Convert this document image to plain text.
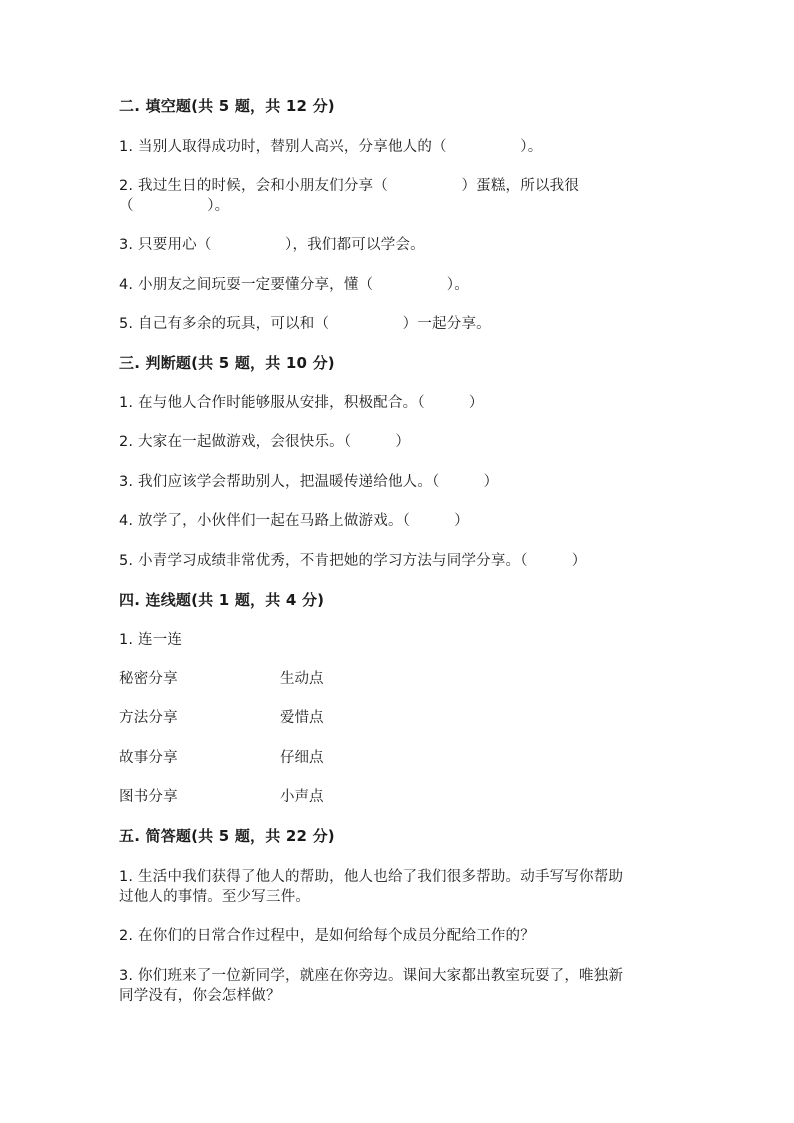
二. 填空题(共 5 题，共 12 分)
1. 当别人取得成功时，替别人高兴，分享他人的（　　　　　）。
2. 我过生日的时候，会和小朋友们分享（　　　　　）蛋糕，所以我很
（　　　　　）。
3. 只要用心（　　　　　），我们都可以学会。
4. 小朋友之间玩耍一定要懂分享，懂（　　　　　）。
5. 自己有多余的玩具，可以和（　　　　　）一起分享。
三. 判断题(共 5 题，共 10 分)
1. 在与他人合作时能够服从安排，积极配合。（　　　）
2. 大家在一起做游戏，会很快乐。（　　　）
3. 我们应该学会帮助别人，把温暖传递给他人。（　　　）
4. 放学了，小伙伴们一起在马路上做游戏。（　　　）
5. 小青学习成绩非常优秀，不肯把她的学习方法与同学分享。（　　　）
四. 连线题(共 1 题，共 4 分)
1. 连一连
秘密分享	生动点
方法分享	爱惜点
故事分享	仔细点
图书分享	小声点
五. 简答题(共 5 题，共 22 分)
1. 生活中我们获得了他人的帮助，他人也给了我们很多帮助。动手写写你帮助
过他人的事情。至少写三件。
2. 在你们的日常合作过程中，是如何给每个成员分配给工作的？
3. 你们班来了一位新同学，就座在你旁边。课间大家都出教室玩耍了，唯独新
同学没有，你会怎样做？
